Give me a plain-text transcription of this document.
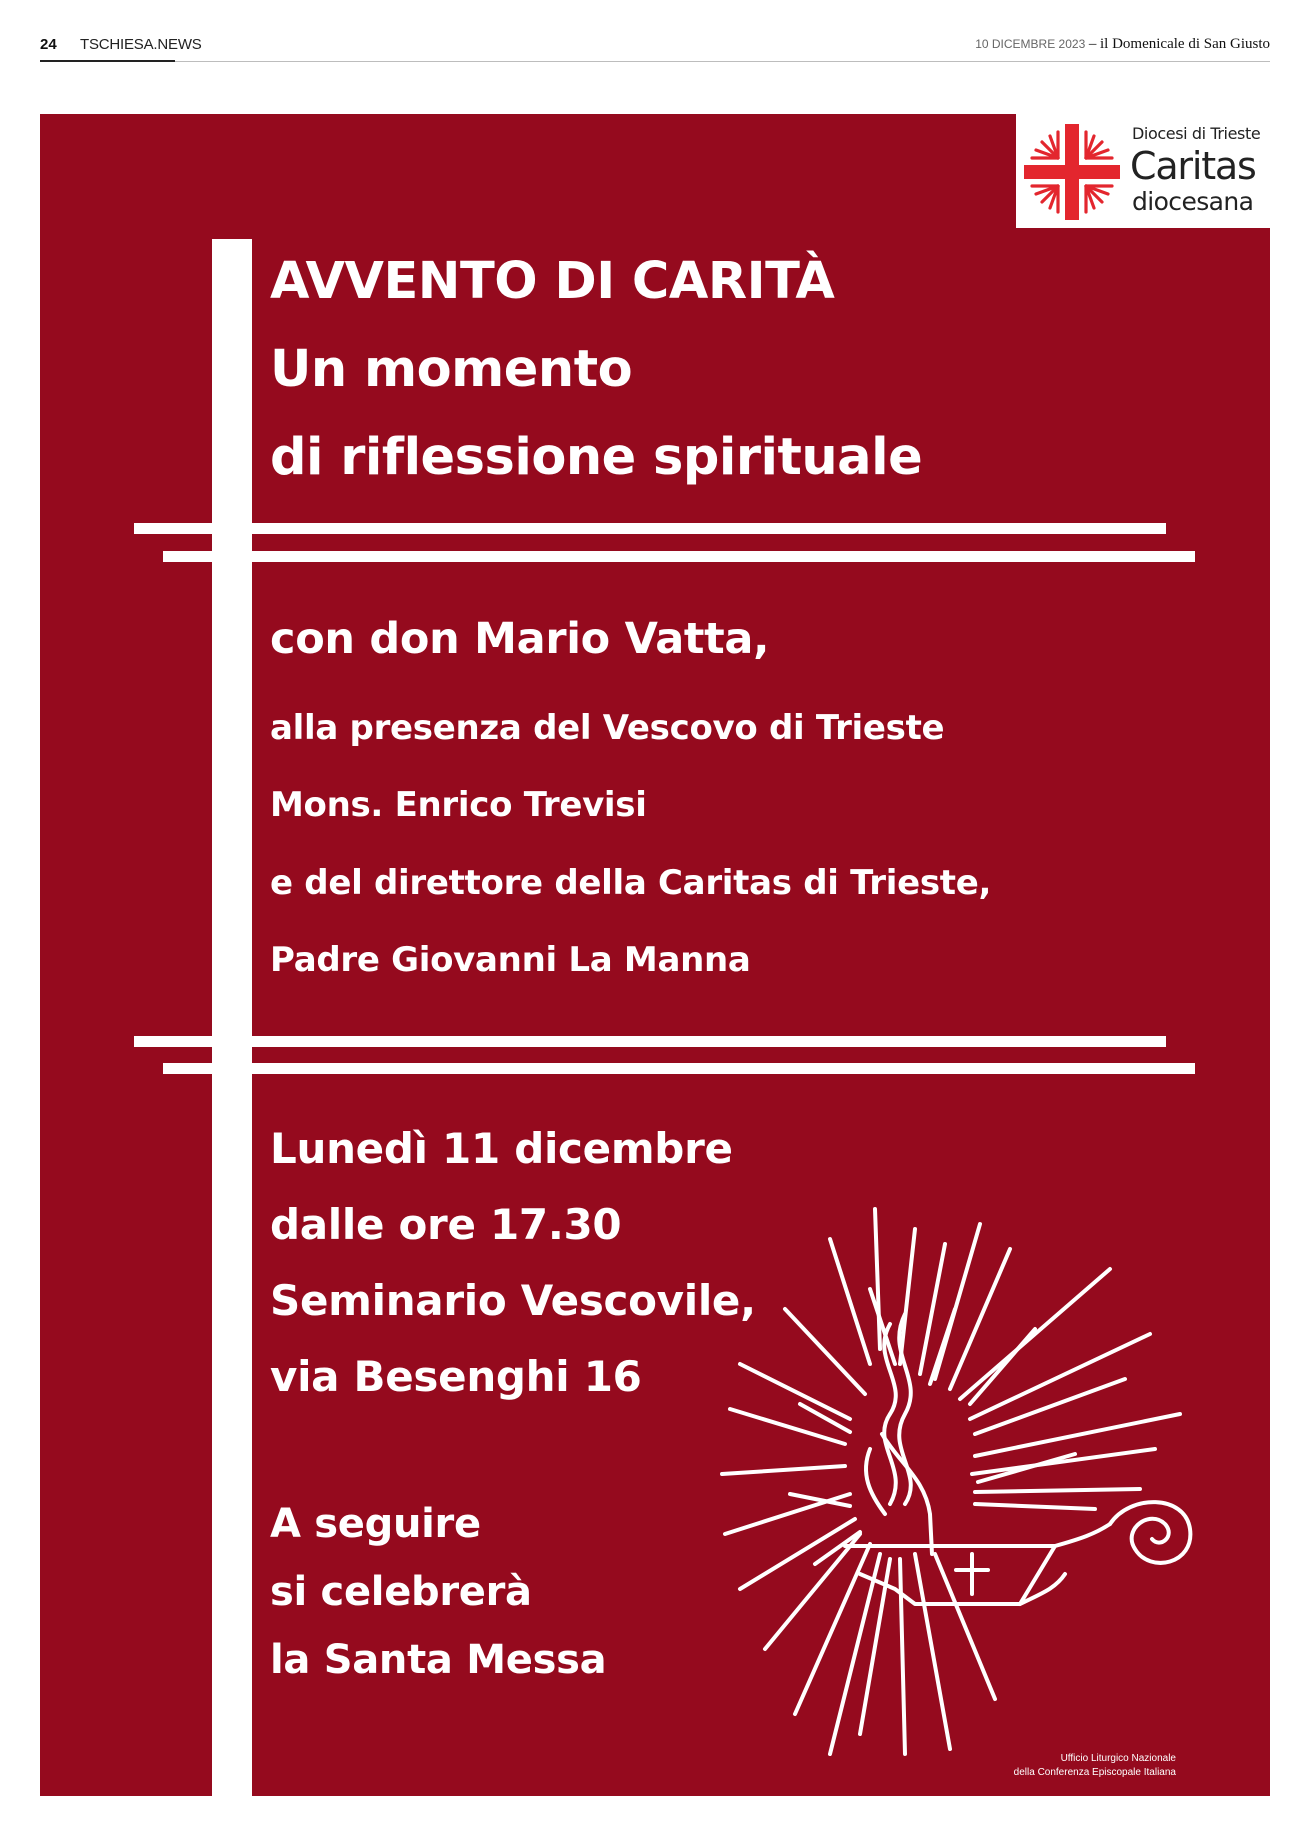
24 TSCHIESA.NEWS	10 DICEMBRE 2023 – il Domenicale di San Giusto
AVVENTO DI CARITÀ
Un momento
di riflessione spirituale
con don Mario Vatta,
alla presenza del Vescovo di Trieste
Mons. Enrico Trevisi
e del direttore della Caritas di Trieste,
Padre Giovanni La Manna
Lunedì 11 dicembre
dalle ore 17.30
Seminario Vescovile,
via Besenghi 16
A seguire
si celebrerà
la Santa Messa
Diocesi di Trieste
Caritas
diocesana
Ufficio Liturgico Nazionale
della Conferenza Episcopale Italiana
